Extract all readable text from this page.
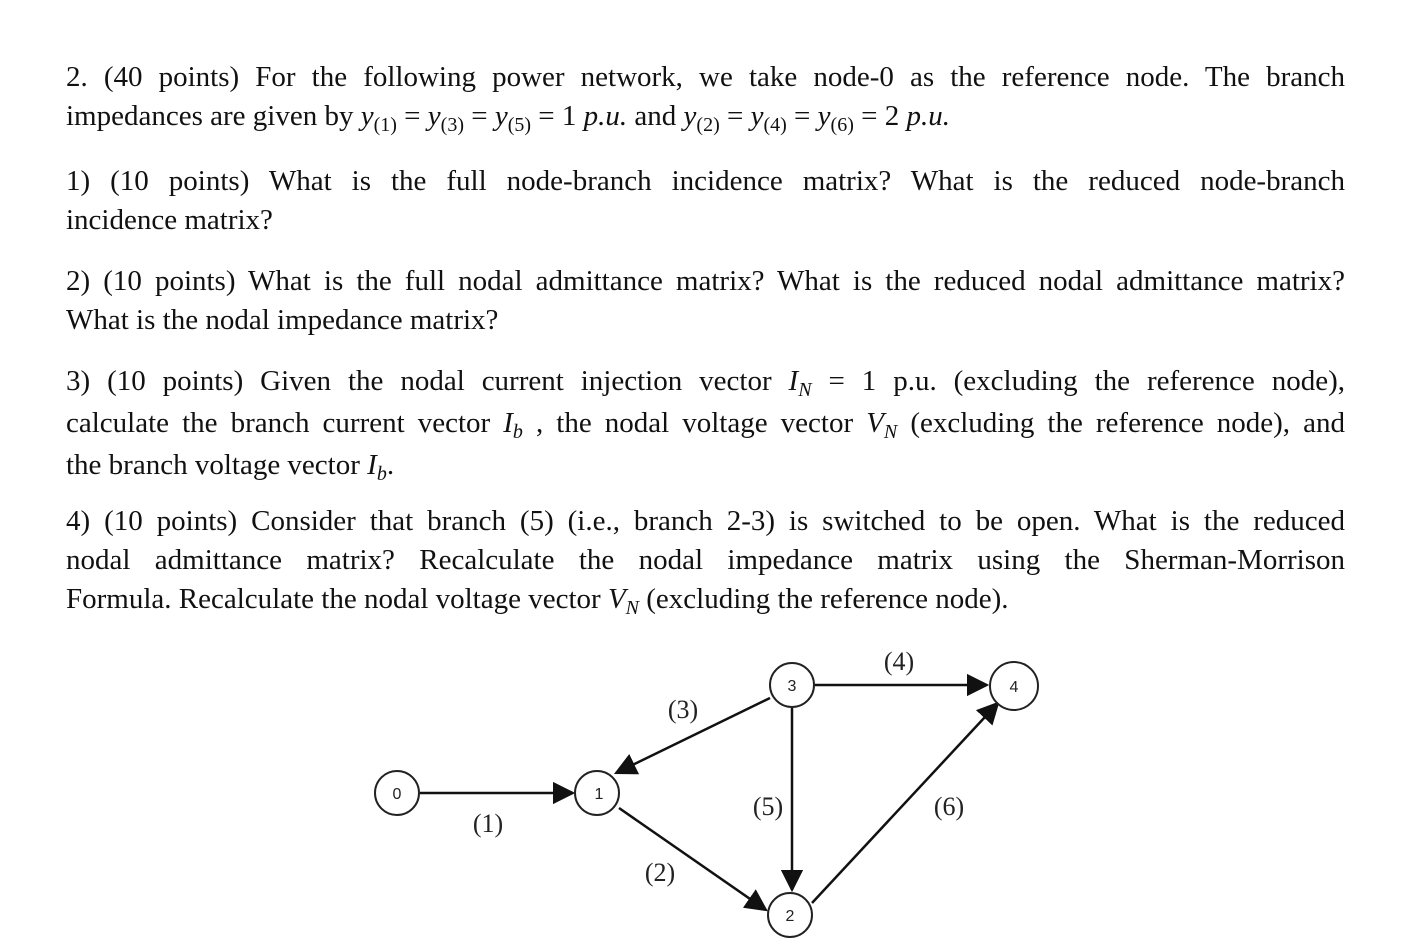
2. (40 points) For the following power network, we take node-0 as the reference node. The branch
impedances are given by $y_{(1)} = y_{(3)} = y_{(5)} = 1$ p.u. and $y_{(2)} = y_{(4)} = y_{(6)} = 2$ p.u.
1) (10 points) What is the full node-branch incidence matrix? What is the reduced node-branch
incidence matrix?
2) (10 points) What is the full nodal admittance matrix? What is the reduced nodal admittance matrix?
What is the nodal impedance matrix?
3) (10 points) Given the nodal current injection vector $I_N = 1$ p.u. (excluding the reference node),
calculate the branch current vector $I_b$ , the nodal voltage vector $V_N$ (excluding the reference node), and
the branch voltage vector $I_b$.
4) (10 points) Consider that branch (5) (i.e., branch 2-3) is switched to be open. What is the reduced
nodal admittance matrix? Recalculate the nodal impedance matrix using the Sherman-Morrison
Formula. Recalculate the nodal voltage vector $V_N$ (excluding the reference node).
0	1
2
3	4
(1)
(2)
(3)
(4)
(5)	(6)
